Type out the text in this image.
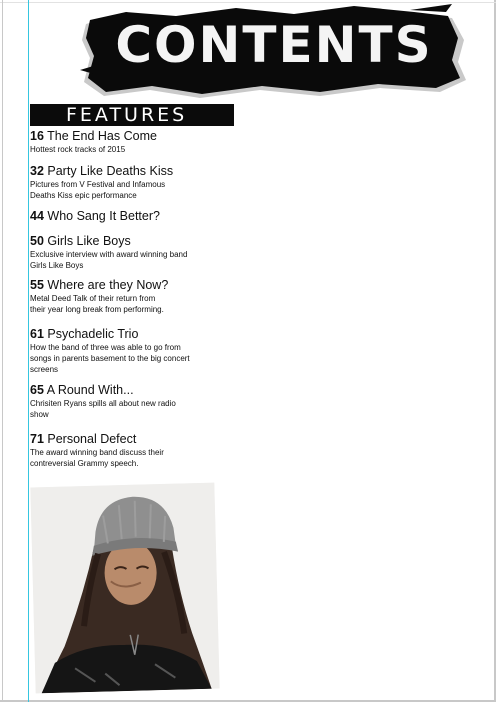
CONTENTS
FEATURES
16 The End Has Come
Hottest rock tracks of 2015
32 Party Like Deaths Kiss
Pictures from V Festival and Infamous
Deaths Kiss epic performance
44 Who Sang It Better?
50 Girls Like Boys
Exclusive interview with award winning band
Girls Like Boys
55 Where are they Now?
Metal Deed Talk of their return from
their year long break from performing.
61 Psychadelic Trio
How the band of three was able to go from
songs in parents basement to the big concert
screens
65 A Round With...
Chrisiten Ryans spills all about new radio
show
71 Personal Defect
The award winning band discuss their
contreversial Grammy speech.
